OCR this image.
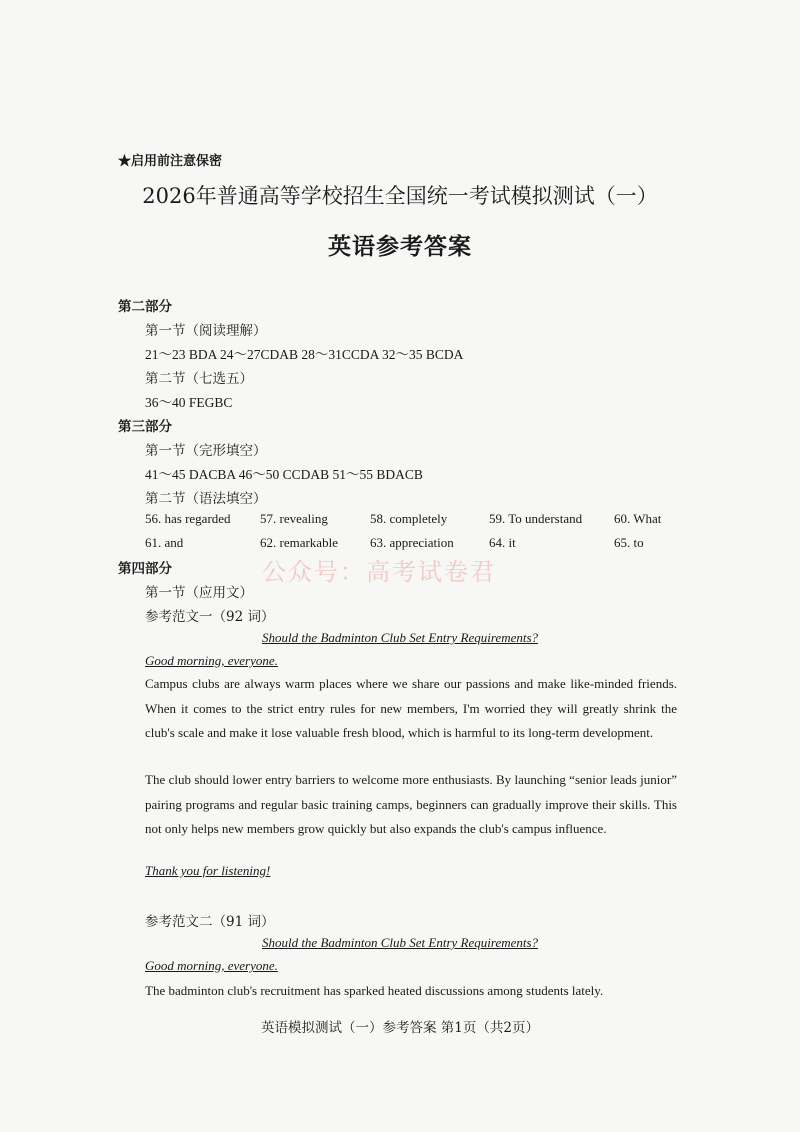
★启用前注意保密
2026年普通高等学校招生全国统一考试模拟测试（一）
英语参考答案
第二部分
第一节（阅读理解）
21～23 BDA 24～27CDAB 28～31CCDA 32～35 BCDA
第二节（七选五）
36～40 FEGBC
第三部分
第一节（完形填空）
41～45 DACBA 46～50 CCDAB 51～55 BDACB
第二节（语法填空）
56. has regarded 57. revealing	58. completely	59. To understand 60. What
61. and	62. remarkable 63. appreciation	64. it	65. to
公众号：高考试卷君
第四部分
第一节（应用文）
参考范文一（92 词）
Should the Badminton Club Set Entry Requirements?
Good morning, everyone.
Campus clubs are always warm places where we share our passions and make like-minded friends. When it comes to the strict entry rules for new members, I'm worried they will greatly shrink the club's scale and make it lose valuable fresh blood, which is harmful to its long-term development.
The club should lower entry barriers to welcome more enthusiasts. By launching “senior leads junior” pairing programs and regular basic training camps, beginners can gradually improve their skills. This not only helps new members grow quickly but also expands the club's campus influence.
Thank you for listening!
参考范文二（91 词）
Should the Badminton Club Set Entry Requirements?
Good morning, everyone.
The badminton club's recruitment has sparked heated discussions among students lately.
英语模拟测试（一）参考答案 第1页（共2页）
